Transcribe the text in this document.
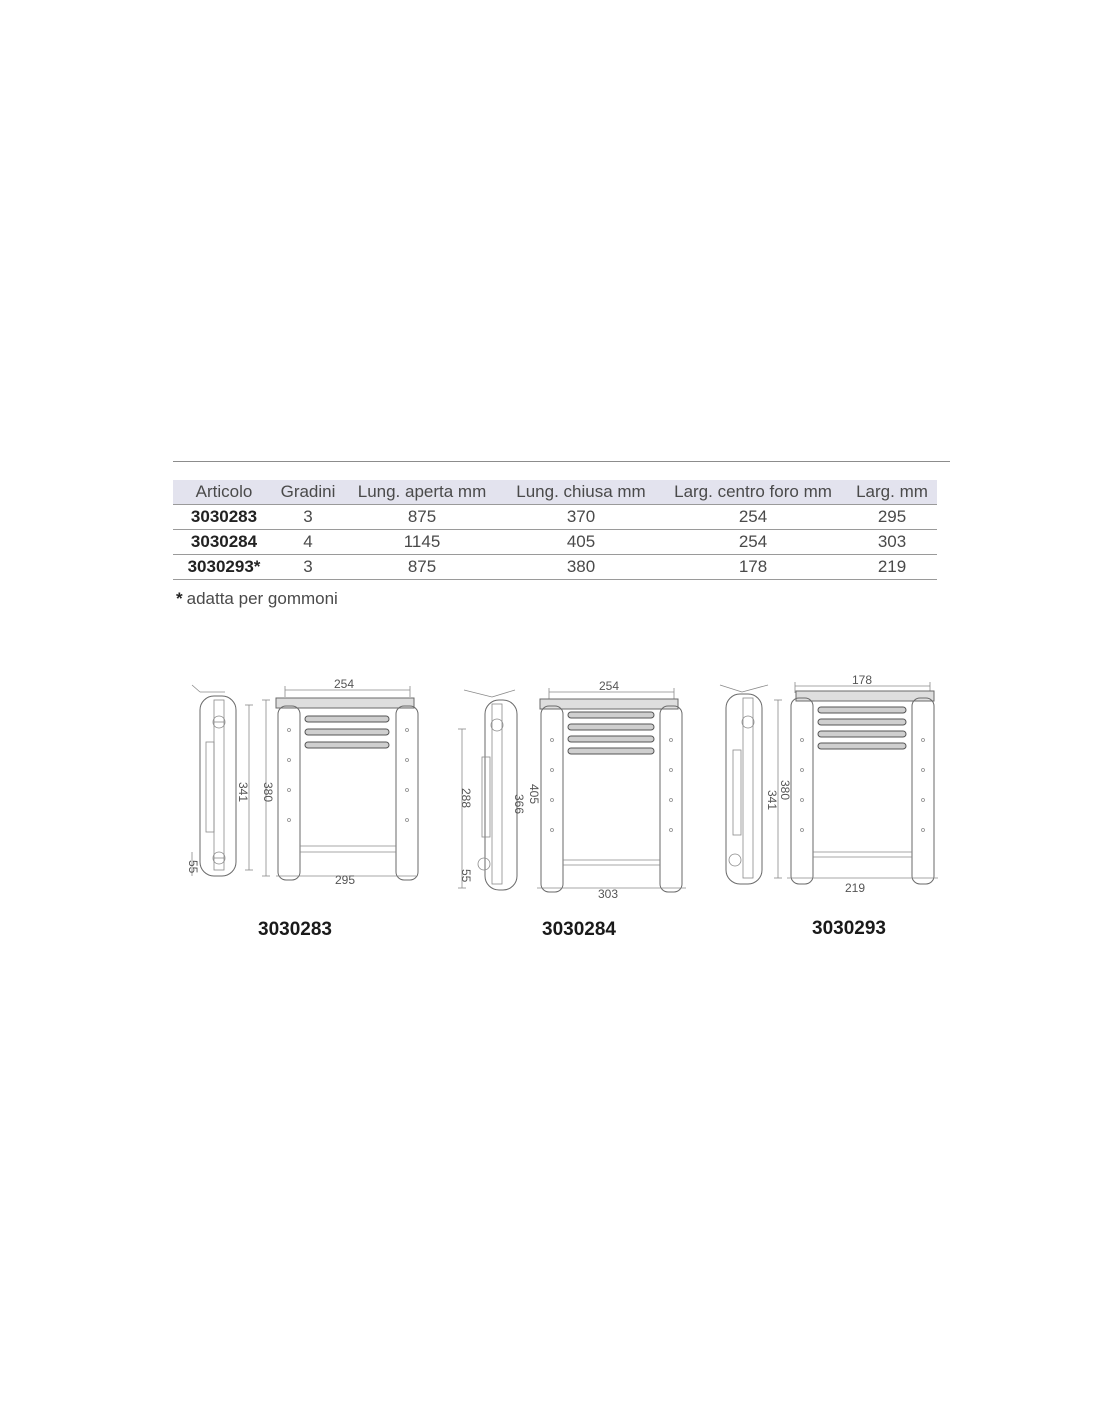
Articolo	Gradini	Lung. aperta mm	Lung. chiusa mm	Larg. centro foro mm	Larg. mm
3030283	3	875	370	254	295
3030284	4	1145	405	254	303
3030293*	3	875	380	178	219
* adatta per gommoni
341
55
254
380
295
3030283
288
55
366 405
254
303
3030284
380
341
178
219
3030293
